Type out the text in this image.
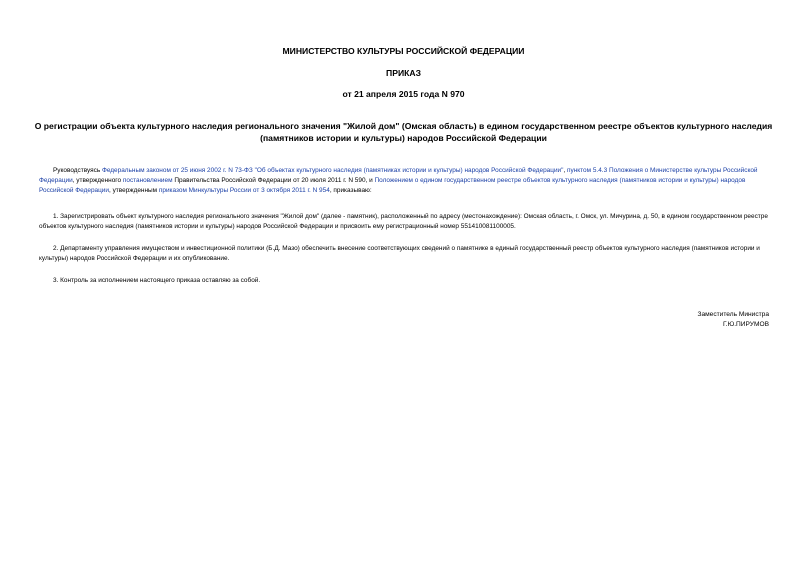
МИНИСТЕРСТВО КУЛЬТУРЫ РОССИЙСКОЙ ФЕДЕРАЦИИ
ПРИКАЗ
от 21 апреля 2015 года N 970
О регистрации объекта культурного наследия регионального значения "Жилой дом" (Омская область) в едином государственном реестре объектов культурного наследия (памятников истории и культуры) народов Российской Федерации
Руководствуясь Федеральным законом от 25 июня 2002 г. N 73-ФЗ "Об объектах культурного наследия (памятниках истории и культуры) народов Российской Федерации", пунктом 5.4.3 Положения о Министерстве культуры Российской Федерации, утвержденного постановлением Правительства Российской Федерации от 20 июля 2011 г. N 590, и Положением о едином государственном реестре объектов культурного наследия (памятников истории и культуры) народов Российской Федерации, утвержденным приказом Минкультуры России от 3 октября 2011 г. N 954, приказываю:
1. Зарегистрировать объект культурного наследия регионального значения "Жилой дом" (далее - памятник), расположенный по адресу (местонахождение): Омская область, г. Омск, ул. Мичурина, д. 50, в едином государственном реестре объектов культурного наследия (памятников истории и культуры) народов Российской Федерации и присвоить ему регистрационный номер 551410081100005.
2. Департаменту управления имуществом и инвестиционной политики (Б.Д. Мазо) обеспечить внесение соответствующих сведений о памятнике в единый государственный реестр объектов культурного наследия (памятников истории и культуры) народов Российской Федерации и их опубликование.
3. Контроль за исполнением настоящего приказа оставляю за собой.
Заместитель Министра
Г.Ю.ПИРУМОВ
